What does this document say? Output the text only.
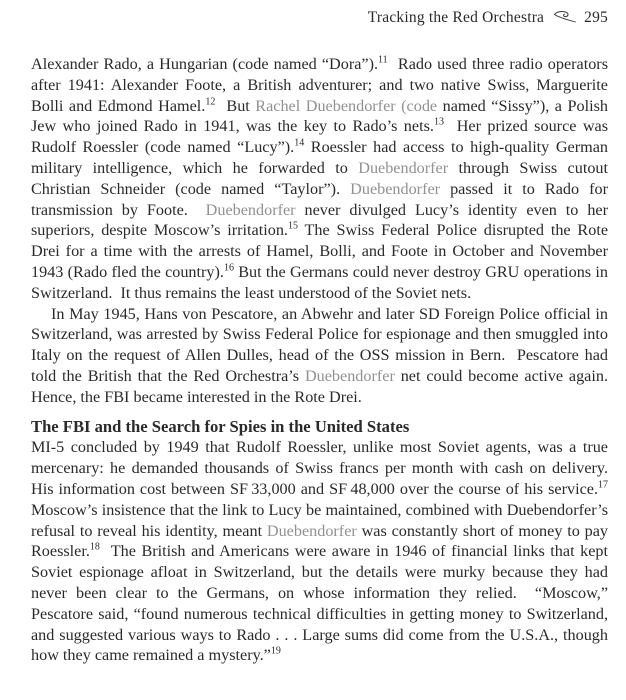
Tracking the Red Orchestra	295

Alexander Rado, a Hungarian (code named “Dora”).$^{11}$  Rado used three radio operators after 1941: Alexander Foote, a British adventurer; and two native Swiss, Marguerite Bolli and Edmond Hamel.$^{12}$  But Rachel Duebendorfer (code named “Sissy”), a Polish Jew who joined Rado in 1941, was the key to Rado’s nets.$^{13}$  Her prized source was Rudolf Roessler (code named “Lucy”).$^{14}$ Roessler had access to high-quality German military intelligence, which he forwarded to Duebendorfer through Swiss cutout Christian Schneider (code named “Taylor”). Duebendorfer passed it to Rado for transmission by Foote.  Duebendorfer never divulged Lucy’s identity even to her superiors, despite Moscow’s irritation.$^{15}$ The Swiss Federal Police disrupted the Rote Drei for a time with the arrests of Hamel, Bolli, and Foote in October and November 1943 (Rado fled the country).$^{16}$ But the Germans could never destroy GRU operations in Switzerland.  It thus remains the least understood of the Soviet nets.

In May 1945, Hans von Pescatore, an Abwehr and later SD Foreign Police official in Switzerland, was arrested by Swiss Federal Police for espionage and then smuggled into Italy on the request of Allen Dulles, head of the OSS mission in Bern.  Pescatore had told the British that the Red Orchestra’s Duebendorfer net could become active again.  Hence, the FBI became interested in the Rote Drei.

The FBI and the Search for Spies in the United States

MI-5 concluded by 1949 that Rudolf Roessler, unlike most Soviet agents, was a true mercenary: he demanded thousands of Swiss francs per month with cash on delivery.  His information cost between SF 33,000 and SF 48,000 over the course of his service.$^{17}$  Moscow’s insistence that the link to Lucy be maintained, combined with Duebendorfer’s refusal to reveal his identity, meant Duebendorfer was constantly short of money to pay Roessler.$^{18}$  The British and Americans were aware in 1946 of financial links that kept Soviet espionage afloat in Switzerland, but the details were murky because they had never been clear to the Germans, on whose information they relied.  “Moscow,” Pescatore said, “found numerous technical difficulties in getting money to Switzerland, and suggested various ways to Rado . . . Large sums did come from the U.S.A., though how they came remained a mystery.”$^{19}$
